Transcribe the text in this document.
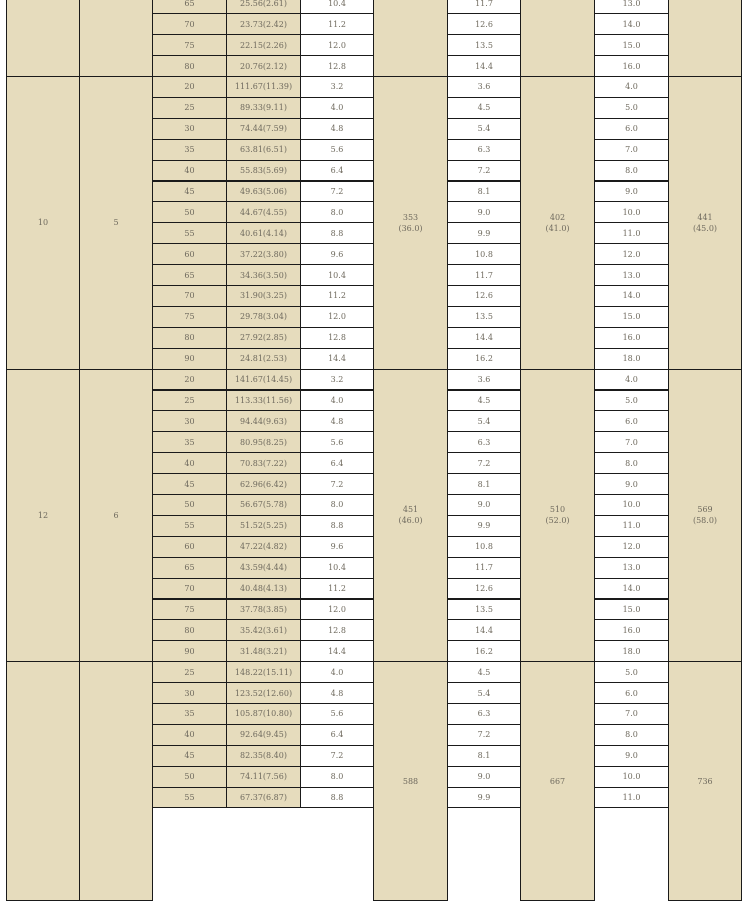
65	25.56(2.61)	10.4	11.7	13.0
70	23.73(2.42)	11.2	12.6	14.0
75	22.15(2.26)	12.0	13.5	15.0
80	20.76(2.12)	12.8	14.4	16.0
20	111.67(11.39)	3.2	3.6	4.0
25	89.33(9.11)	4.0	4.5	5.0
30	74.44(7.59)	4.8	5.4	6.0
35	63.81(6.51)	5.6	6.3	7.0
40	55.83(5.69)	6.4	7.2	8.0
45	49.63(5.06)	7.2	8.1	9.0
50	44.67(4.55)	8.0	9.0	10.0
55	40.61(4.14)	8.8	9.9	11.0
60	37.22(3.80)	9.6	10.8	12.0
65	34.36(3.50)	10.4	11.7	13.0
70	31.90(3.25)	11.2	12.6	14.0
75	29.78(3.04)	12.0	13.5	15.0
80	27.92(2.85)	12.8	14.4	16.0
90	24.81(2.53)	14.4	16.2	18.0
10	5
353
(36.0)
402
(41.0)
441
(45.0)
20	141.67(14.45)	3.2	3.6	4.0
25	113.33(11.56)	4.0	4.5	5.0
30	94.44(9.63)	4.8	5.4	6.0
35	80.95(8.25)	5.6	6.3	7.0
40	70.83(7.22)	6.4	7.2	8.0
45	62.96(6.42)	7.2	8.1	9.0
50	56.67(5.78)	8.0	9.0	10.0
55	51.52(5.25)	8.8	9.9	11.0
60	47.22(4.82)	9.6	10.8	12.0
65	43.59(4.44)	10.4	11.7	13.0
70	40.48(4.13)	11.2	12.6	14.0
75	37.78(3.85)	12.0	13.5	15.0
80	35.42(3.61)	12.8	14.4	16.0
90	31.48(3.21)	14.4	16.2	18.0
12	6
451
(46.0)
510
(52.0)
569
(58.0)
25	148.22(15.11)	4.0	4.5	5.0
30	123.52(12.60)	4.8	5.4	6.0
35	105.87(10.80)	5.6	6.3	7.0
40	92.64(9.45)	6.4	7.2	8.0
45	82.35(8.40)	7.2	8.1	9.0
50	74.11(7.56)	8.0	9.0	10.0
55	67.37(6.87)	8.8	9.9	11.0
588	667	736
